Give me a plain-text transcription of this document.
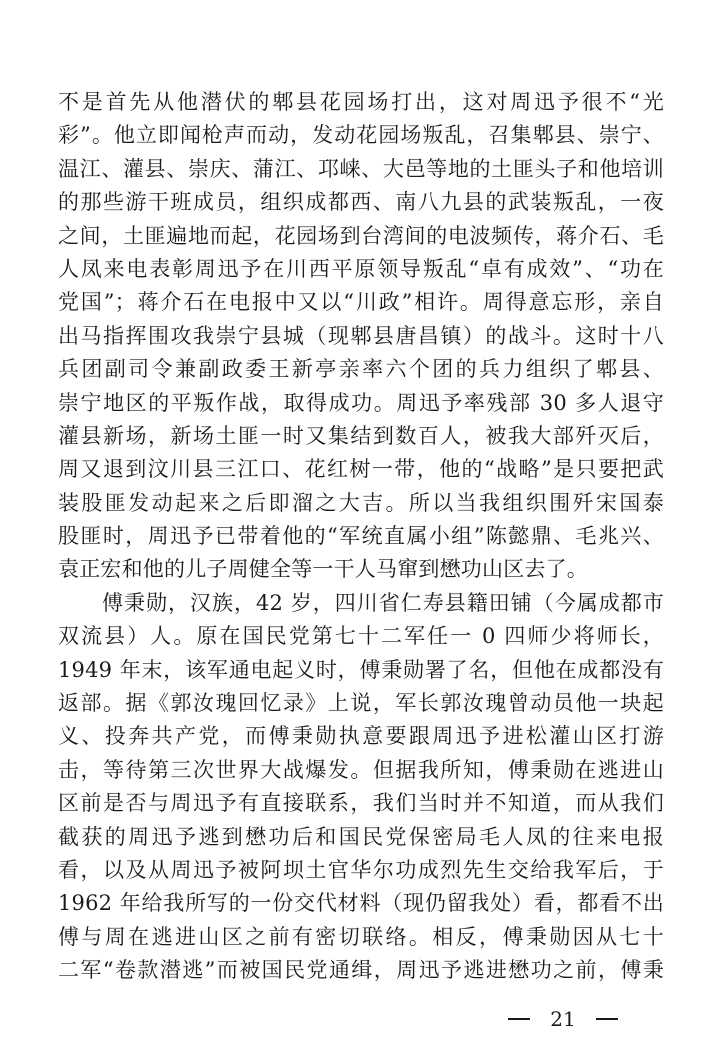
不是首先从他潜伏的郫县花园场打出，这对周迅予很不“光
彩”。他立即闻枪声而动，发动花园场叛乱，召集郫县、崇宁、
温江、灌县、崇庆、蒲江、邛崃、大邑等地的土匪头子和他培训
的那些游干班成员，组织成都西、南八九县的武装叛乱，一夜
之间，土匪遍地而起，花园场到台湾间的电波频传，蒋介石、毛
人凤来电表彰周迅予在川西平原领导叛乱“卓有成效”、“功在
党国”；蒋介石在电报中又以“川政”相许。周得意忘形，亲自
出马指挥围攻我崇宁县城（现郫县唐昌镇）的战斗。这时十八
兵团副司令兼副政委王新亭亲率六个团的兵力组织了郫县、
崇宁地区的平叛作战，取得成功。周迅予率残部 30 多人退守
灌县新场，新场土匪一时又集结到数百人，被我大部歼灭后，
周又退到汶川县三江口、花红树一带，他的“战略”是只要把武
装股匪发动起来之后即溜之大吉。所以当我组织围歼宋国泰
股匪时，周迅予已带着他的“军统直属小组”陈懿鼎、毛兆兴、
袁正宏和他的儿子周健全等一干人马窜到懋功山区去了。
　　傅秉勋，汉族，42 岁，四川省仁寿县籍田铺（今属成都市
双流县）人。原在国民党第七十二军任一 0 四师少将师长，
1949 年末，该军通电起义时，傅秉勋署了名，但他在成都没有
返部。据《郭汝瑰回忆录》上说，军长郭汝瑰曾动员他一块起
义、投奔共产党，而傅秉勋执意要跟周迅予进松灌山区打游
击，等待第三次世界大战爆发。但据我所知，傅秉勋在逃进山
区前是否与周迅予有直接联系，我们当时并不知道，而从我们
截获的周迅予逃到懋功后和国民党保密局毛人凤的往来电报
看，以及从周迅予被阿坝土官华尔功成烈先生交给我军后，于
1962 年给我所写的一份交代材料（现仍留我处）看，都看不出
傅与周在逃进山区之前有密切联络。相反，傅秉勋因从七十
二军“卷款潜逃”而被国民党通缉，周迅予逃进懋功之前，傅秉
21
